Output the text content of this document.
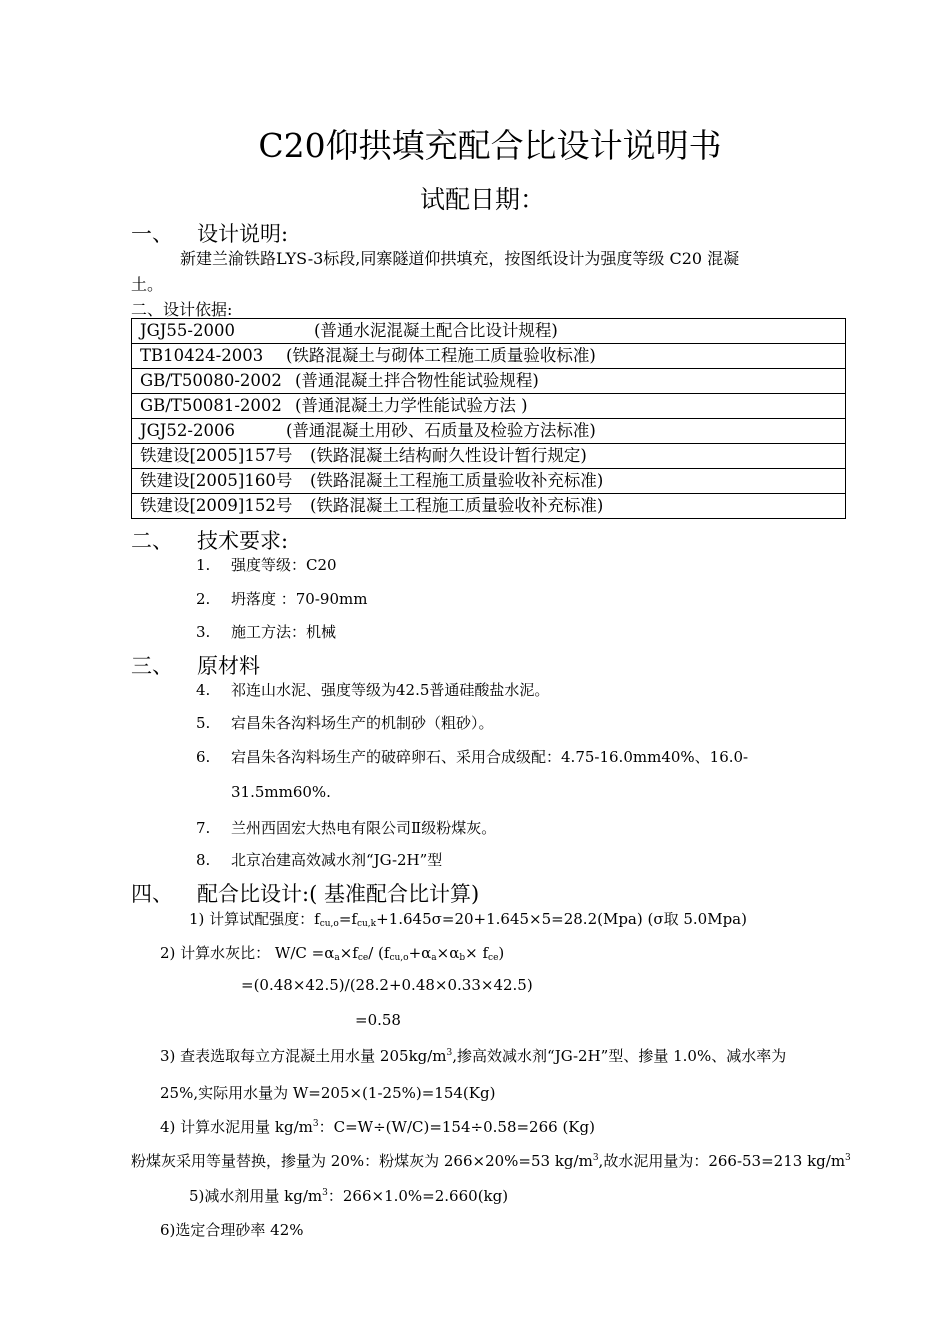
C20仰拱填充配合比设计说明书
试配日期：
一、 设计说明:
新建兰渝铁路LYS-3标段,同寨隧道仰拱填充，按图纸设计为强度等级 C20 混凝
土。
二、设计依据:
JGJ55-2000	(普通水泥混凝土配合比设计规程)
TB10424-2003 (铁路混凝土与砌体工程施工质量验收标准)
GB/T50080-2002 (普通混凝土拌合物性能试验规程)
GB/T50081-2002 (普通混凝土力学性能试验方法 )
JGJ52-2006	(普通混凝土用砂、石质量及检验方法标准)
铁建设[2005]157号 (铁路混凝土结构耐久性设计暂行规定)
铁建设[2005]160号 (铁路混凝土工程施工质量验收补充标准)
铁建设[2009]152号 (铁路混凝土工程施工质量验收补充标准)
二、 技术要求:
1. 强度等级：C20
2. 坍落度 ：70-90mm
3. 施工方法：机械
三、 原材料
4. 祁连山水泥、强度等级为42.5普通硅酸盐水泥。
5. 宕昌朱各沟料场生产的机制砂（粗砂）。
6. 宕昌朱各沟料场生产的破碎卵石、采用合成级配：4.75-16.0mm40%、16.0-
31.5mm60%.
7. 兰州西固宏大热电有限公司Ⅱ级粉煤灰。
8. 北京冶建高效减水剂“JG-2H”型
四、 配合比设计:( 基准配合比计算)
1) 计算试配强度：$f_{cu,o}=f_{cu,k}+1.645\sigma=20+1.645\times 5=28.2(Mpa)$ (σ取 5.0Mpa)
2) 计算水灰比： $W/C =\alpha_a\times f_{ce}/$ $(f_{cu,o}+\alpha_a\times\alpha_b\times f_{ce})$
=(0.48×42.5)/(28.2+0.48×0.33×42.5)
=0.58
3) 查表选取每立方混凝土用水量 $205kg/m^3$,掺高效减水剂“JG-2H”型、掺量 1.0%、减水率为
25%,实际用水量为 W=205×(1-25%)=154(Kg)
4) 计算水泥用量 $kg/m^3$：C=W÷(W/C)=154÷0.58=266 (Kg)
粉煤灰采用等量替换，掺量为 20%：粉煤灰为 266×20%=53 $kg/m^3$,故水泥用量为：266-53=213 $kg/m^3$
5)减水剂用量 $kg/m^3$：266×1.0%=2.660(kg)
6)选定合理砂率 42%
